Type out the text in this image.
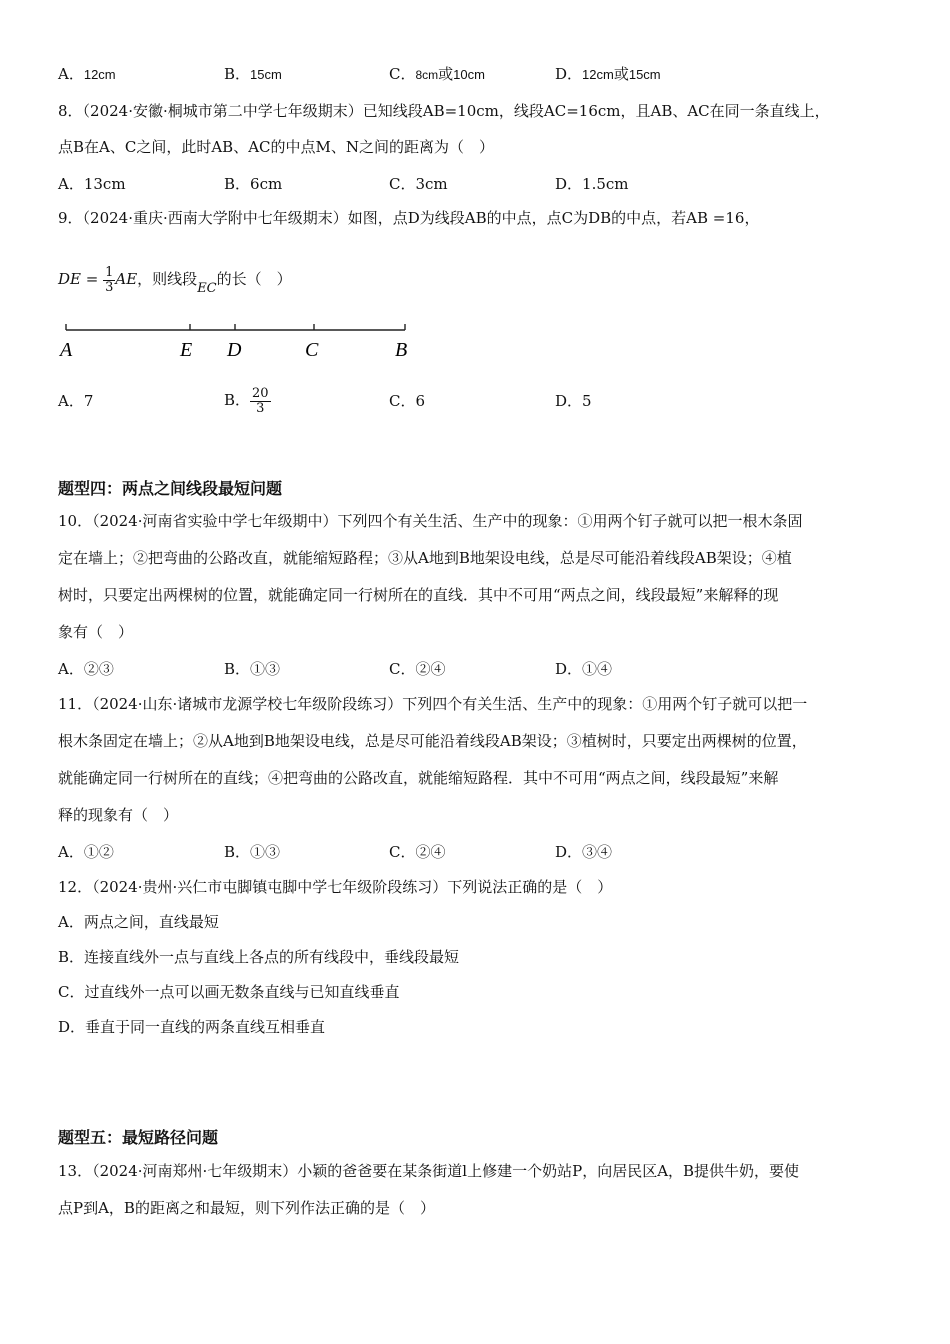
A．12cm	B．15cm	C．8cm或10cm	D．12cm或15cm
8．（2024·安徽·桐城市第二中学七年级期末）已知线段AB=10cm，线段AC=16cm，且AB、AC在同一条直线上，
点B在A、C之间，此时AB、AC的中点M、N之间的距离为（　）
A．13cm	B．6cm	C．3cm	D．1.5cm
9．（2024·重庆·西南大学附中七年级期末）如图，点D为线段AB的中点，点C为DB的中点，若AB =16，
DE = $\frac{1}{3}$ AE，则线段EC的长（　）
A	E D	C	B
A．7	B． $\frac{20}{3}$	C．6	D．5
题型四：两点之间线段最短问题
10．（2024·河南省实验中学七年级期中）下列四个有关生活、生产中的现象：①用两个钉子就可以把一根木条固
定在墙上；②把弯曲的公路改直，就能缩短路程；③从A地到B地架设电线，总是尽可能沿着线段AB架设；④植
树时，只要定出两棵树的位置，就能确定同一行树所在的直线．其中不可用“两点之间，线段最短”来解释的现
象有（　）
A．②③	B．①③	C．②④	D．①④
11．（2024·山东·诸城市龙源学校七年级阶段练习）下列四个有关生活、生产中的现象：①用两个钉子就可以把一
根木条固定在墙上；②从A地到B地架设电线，总是尽可能沿着线段AB架设；③植树时，只要定出两棵树的位置，
就能确定同一行树所在的直线；④把弯曲的公路改直，就能缩短路程．其中不可用“两点之间，线段最短”来解
释的现象有（　）
A．①②	B．①③	C．②④	D．③④
12．（2024·贵州·兴仁市屯脚镇屯脚中学七年级阶段练习）下列说法正确的是（　）
A．两点之间，直线最短
B．连接直线外一点与直线上各点的所有线段中，垂线段最短
C．过直线外一点可以画无数条直线与已知直线垂直
D．垂直于同一直线的两条直线互相垂直
题型五：最短路径问题
13．（2024·河南郑州·七年级期末）小颖的爸爸要在某条街道l上修建一个奶站P，向居民区A，B提供牛奶，要使
点P到A，B的距离之和最短，则下列作法正确的是（　）
